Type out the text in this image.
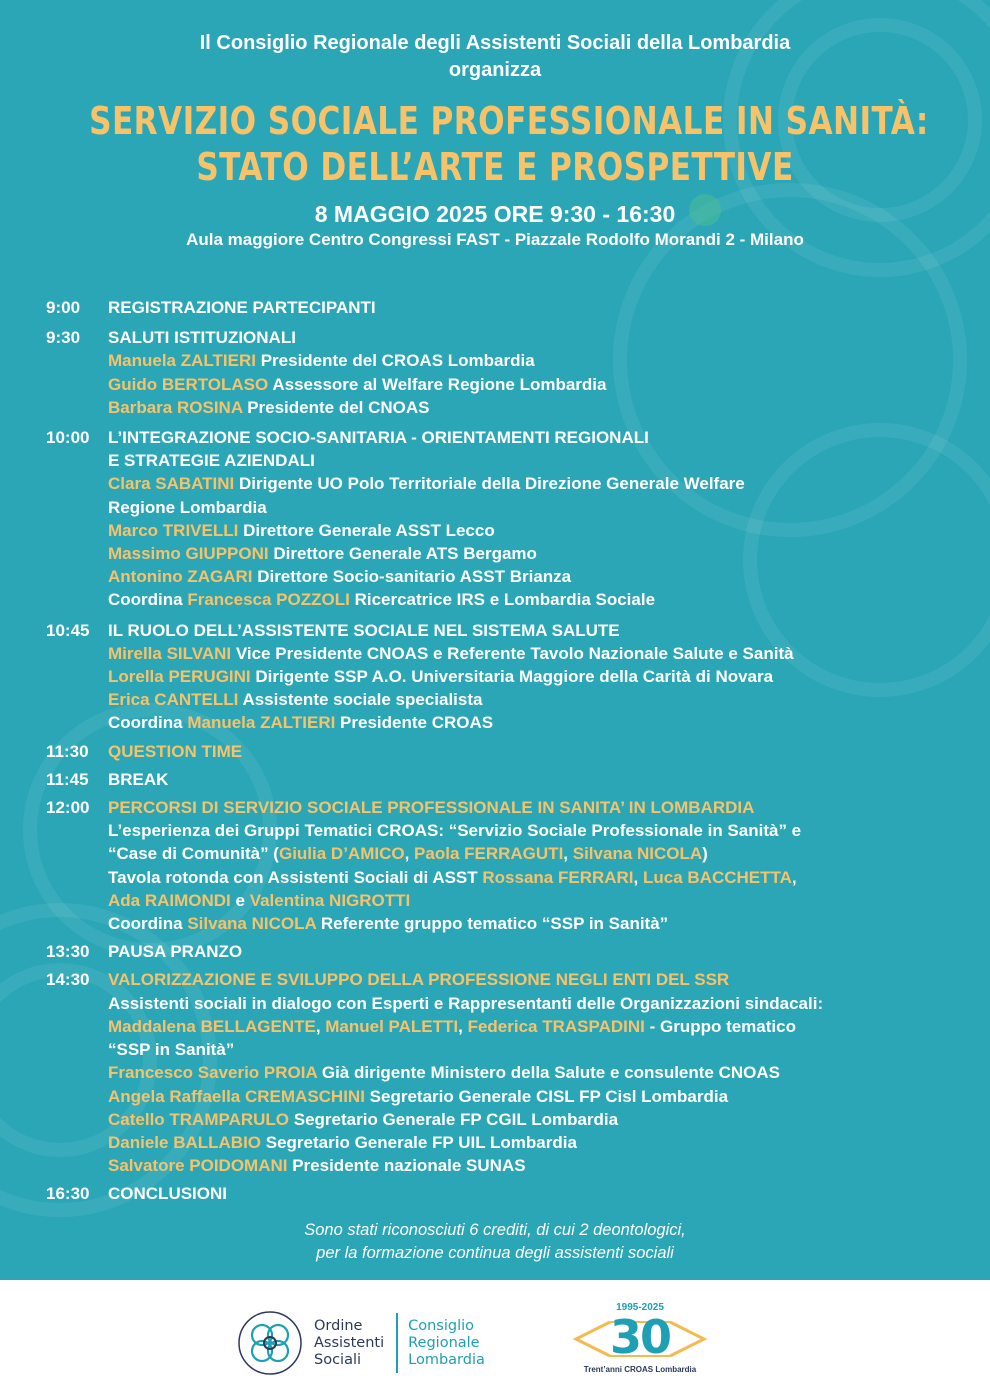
Il Consiglio Regionale degli Assistenti Sociali della Lombardia
organizza
SERVIZIO SOCIALE PROFESSIONALE IN SANITÀ:
STATO DELL’ARTE E PROSPETTIVE
8 MAGGIO 2025 ORE 9:30 - 16:30
Aula maggiore Centro Congressi FAST - Piazzale Rodolfo Morandi 2 - Milano
9:00	REGISTRAZIONE PARTECIPANTI
9:30	SALUTI ISTITUZIONALI
Manuela ZALTIERI Presidente del CROAS Lombardia
Guido BERTOLASO Assessore al Welfare Regione Lombardia
Barbara ROSINA Presidente del CNOAS
10:00	L’INTEGRAZIONE SOCIO-SANITARIA - ORIENTAMENTI REGIONALI
E STRATEGIE AZIENDALI
Clara SABATINI Dirigente UO Polo Territoriale della Direzione Generale Welfare
Regione Lombardia
Marco TRIVELLI Direttore Generale ASST Lecco
Massimo GIUPPONI Direttore Generale ATS Bergamo
Antonino ZAGARI Direttore Socio-sanitario ASST Brianza
Coordina Francesca POZZOLI Ricercatrice IRS e Lombardia Sociale
10:45	IL RUOLO DELL’ASSISTENTE SOCIALE NEL SISTEMA SALUTE
Mirella SILVANI Vice Presidente CNOAS e Referente Tavolo Nazionale Salute e Sanità
Lorella PERUGINI Dirigente SSP A.O. Universitaria Maggiore della Carità di Novara
Erica CANTELLI Assistente sociale specialista
Coordina Manuela ZALTIERI Presidente CROAS
11:30	QUESTION TIME
11:45	BREAK
12:00	PERCORSI DI SERVIZIO SOCIALE PROFESSIONALE IN SANITA’ IN LOMBARDIA
L’esperienza dei Gruppi Tematici CROAS: “Servizio Sociale Professionale in Sanità” e
“Case di Comunità” (Giulia D’AMICO, Paola FERRAGUTI, Silvana NICOLA)
Tavola rotonda con Assistenti Sociali di ASST Rossana FERRARI, Luca BACCHETTA,
Ada RAIMONDI e Valentina NIGROTTI
Coordina Silvana NICOLA Referente gruppo tematico “SSP in Sanità”
13:30	PAUSA PRANZO
14:30	VALORIZZAZIONE E SVILUPPO DELLA PROFESSIONE NEGLI ENTI DEL SSR
Assistenti sociali in dialogo con Esperti e Rappresentanti delle Organizzazioni sindacali:
Maddalena BELLAGENTE, Manuel PALETTI, Federica TRASPADINI - Gruppo tematico
“SSP in Sanità”
Francesco Saverio PROIA Già dirigente Ministero della Salute e consulente CNOAS
Angela Raffaella CREMASCHINI Segretario Generale CISL FP Cisl Lombardia
Catello TRAMPARULO Segretario Generale FP CGIL Lombardia
Daniele BALLABIO Segretario Generale FP UIL Lombardia
Salvatore POIDOMANI Presidente nazionale SUNAS
16:30	CONCLUSIONI
Sono stati riconosciuti 6 crediti, di cui 2 deontologici,
per la formazione continua degli assistenti sociali
Ordine
Assistenti
Sociali
Consiglio
Regionale
Lombardia
1995-2025
30
Trent’anni CROAS Lombardia
